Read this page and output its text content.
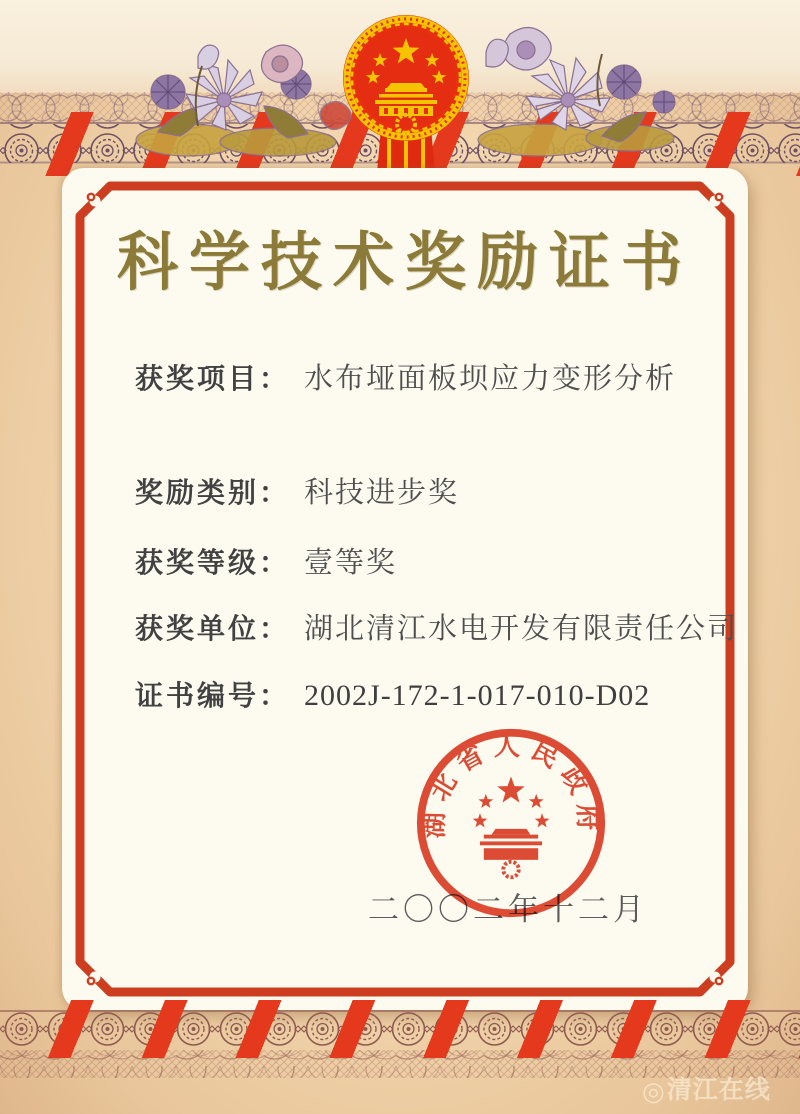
科学技术奖励证书
获奖项目： 水布垭面板坝应力变形分析
奖励类别： 科技进步奖
获奖等级： 壹等奖
获奖单位： 湖北清江水电开发有限责任公司
证书编号： 2002J-172-1-017-010-D02
二〇〇二年十二月
湖北省人民政府
◎清江在线
